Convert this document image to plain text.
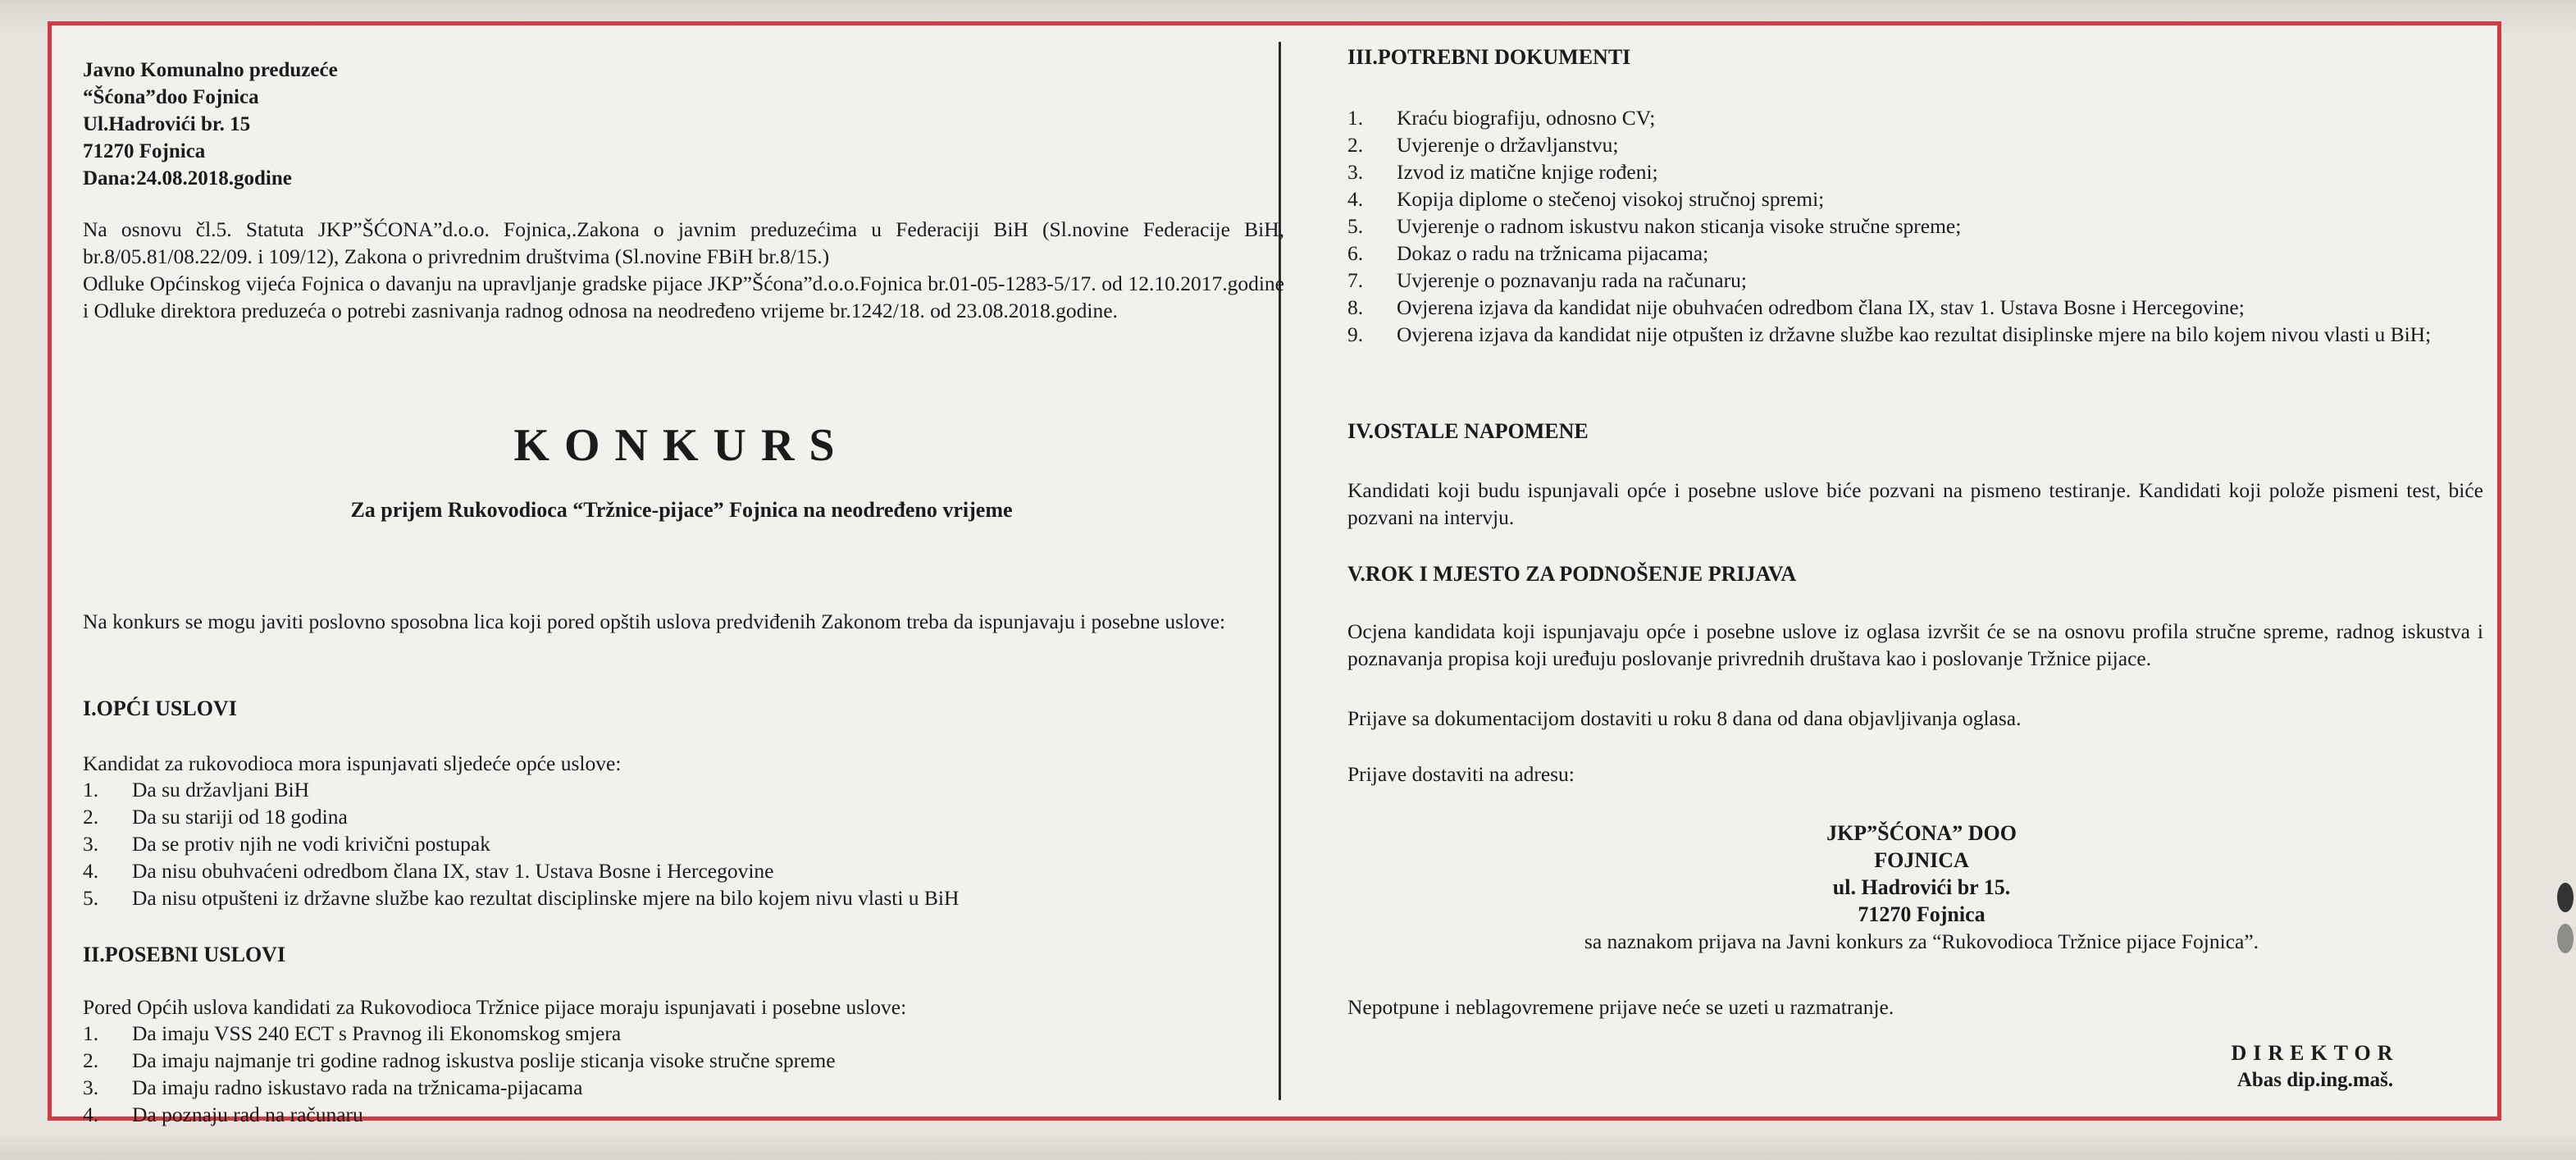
Javno Komunalno preduzeće
“Šćona”doo Fojnica
Ul.Hadrovići br. 15
71270 Fojnica
Dana:24.08.2018.godine

Na osnovu čl.5. Statuta JKP”ŠĆONA”d.o.o. Fojnica,.Zakona o javnim preduzećima u Federaciji BiH (Sl.novine Federacije BiH, br.8/05.81/08.22/09. i 109/12), Zakona o privrednim društvima (Sl.novine FBiH br.8/15.)

Odluke Općinskog vijeća Fojnica o davanju na upravljanje gradske pijace JKP”Šćona”d.o.o.Fojnica br.01-05-1283-5/17. od 12.10.2017.godine i Odluke direktora preduzeća o potrebi zasnivanja radnog odnosa na neodređeno vrijeme br.1242/18. od 23.08.2018.godine.

KONKURS
Za prijem Rukovodioca “Tržnice-pijace” Fojnica na neodređeno vrijeme

Na konkurs se mogu javiti poslovno sposobna lica koji pored opštih uslova predviđenih Zakonom treba da ispunjavaju i posebne uslove:

I.OPĆI USLOVI

Kandidat za rukovodioca mora ispunjavati sljedeće opće uslove:

1.	Da su državljani BiH
2.	Da su stariji od 18 godina
3.	Da se protiv njih ne vodi krivični postupak
4.	Da nisu obuhvaćeni odredbom člana IX, stav 1. Ustava Bosne i Hercegovine
5.	Da nisu otpušteni iz državne službe kao rezultat disciplinske mjere na bilo kojem nivu vlasti u BiH
II.POSEBNI USLOVI

Pored Općih uslova kandidati za Rukovodioca Tržnice pijace moraju ispunjavati i posebne uslove:

1.	Da imaju VSS 240 ECT s Pravnog ili Ekonomskog smjera
2.	Da imaju najmanje tri godine radnog iskustva poslije sticanja visoke stručne spreme
3.	Da imaju radno iskustavo rada na tržnicama-pijacama
4.	Da poznaju rad na računaru
III.POTREBNI DOKUMENTI
1.	Kraću biografiju, odnosno CV;
2.	Uvjerenje o državljanstvu;
3.	Izvod iz matične knjige rođeni;
4.	Kopija diplome o stečenoj visokoj stručnoj spremi;
5.	Uvjerenje o radnom iskustvu nakon sticanja visoke stručne spreme;
6.	Dokaz o radu na tržnicama pijacama;
7.	Uvjerenje o poznavanju rada na računaru;
8.	Ovjerena izjava da kandidat nije obuhvaćen odredbom člana IX, stav 1. Ustava Bosne i Hercegovine;
9.	Ovjerena izjava da kandidat nije otpušten iz državne službe kao rezultat disiplinske mjere na bilo kojem nivou vlasti u BiH;
IV.OSTALE NAPOMENE

Kandidati koji budu ispunjavali opće i posebne uslove biće pozvani na pismeno testiranje. Kandidati koji polože pismeni test, biće pozvani na intervju.

V.ROK I MJESTO ZA PODNOŠENJE PRIJAVA

Ocjena kandidata koji ispunjavaju opće i posebne uslove iz oglasa izvršit će se na osnovu profila stručne spreme, radnog iskustva i poznavanja propisa koji uređuju poslovanje privrednih društava kao i poslovanje Tržnice pijace.

Prijave sa dokumentacijom dostaviti u roku 8 dana od dana objavljivanja oglasa.

Prijave dostaviti na adresu:

JKP”ŠĆONA” DOO
FOJNICA
ul. Hadrovići br 15.
71270 Fojnica
sa naznakom prijava na Javni konkurs za “Rukovodioca Tržnice pijace Fojnica”.

Nepotpune i neblagovremene prijave neće se uzeti u razmatranje.

DIREKTOR
Abas dip.ing.maš.
